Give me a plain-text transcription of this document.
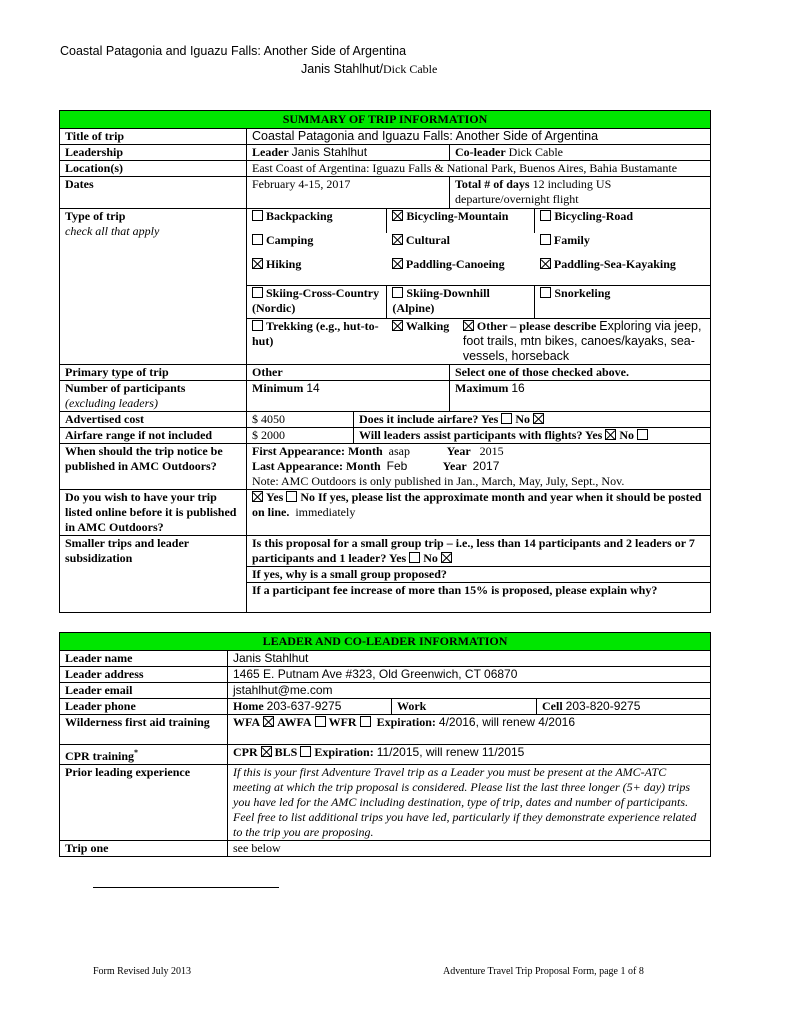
Coastal Patagonia and Iguazu Falls: Another Side of Argentina
Janis Stahlhut/Dick Cable
SUMMARY OF TRIP INFORMATION
Title of trip	Coastal Patagonia and Iguazu Falls: Another Side of Argentina
Leadership	Leader Janis Stahlhut	Co-leader Dick Cable
Location(s)	East Coast of Argentina: Iguazu Falls & National Park, Buenos Aires, Bahia Bustamante
Dates	February 4-15, 2017	Total # of days 12 including US departure/overnight flight

Type of trip
check all that apply

Backpacking	Bicycling-Mountain	Bicycling-Road
Camping	Cultural	Family
Hiking	Paddling-Canoeing	Paddling-Sea-Kayaking
Skiing-Cross-Country (Nordic)	Skiing-Downhill (Alpine)	Snorkeling
Trekking (e.g., hut-to-hut)	Walking	Other – please describe Exploring via jeep, foot trails, mtn bikes, canoes/kayaks, sea-vessels, horseback

Primary type of trip	Other	Select one of those checked above.

Number of participants
(excluding leaders)
	Minimum 14	Maximum 16
Advertised cost	$ 4050	Does it include airfare? Yes No
Airfare range if not included	$ 2000	Will leaders assist participants with flights? Yes No
When should the trip notice be published in AMC Outdoors?	
First Appearance: Month asap	Year 2015
Last Appearance: Month Feb	Year 2017
Note: AMC Outdoors is only published in Jan., March, May, July, Sept., Nov.

Do you wish to have your trip listed online before it is published in AMC Outdoors?	Yes No If yes, please list the approximate month and year when it should be posted on line. immediately
Smaller trips and leader subsidization	Is this proposal for a small group trip – i.e., less than 14 participants and 2 leaders or 7 participants and 1 leader? Yes No
If yes, why is a small group proposed?
If a participant fee increase of more than 15% is proposed, please explain why?
LEADER AND CO-LEADER INFORMATION			
Leader name	Janis Stahlhut		
Leader address	1465 E. Putnam Ave #323, Old Greenwich, CT 06870		
Leader email	jstahlhut@me.com		
Leader phone	Home 203-637-9275	Work	Cell 203-820-9275
Wilderness first aid training	WFA AWFA WFR Expiration: 4/2016, will renew 4/2016		
CPR training*	CPR BLS Expiration: 11/2015, will renew 11/2015		
Prior leading experience	If this is your first Adventure Travel trip as a Leader you must be present at the AMC-ATC meeting at which the trip proposal is considered. Please list the last three longer (5+ day) trips you have led for the AMC including destination, type of trip, dates and number of participants. Feel free to list additional trips you have led, particularly if they demonstrate experience related to the trip you are proposing.		
Trip one	see below		
Form Revised July 2013	Adventure Travel Trip Proposal Form, page 1 of 8
